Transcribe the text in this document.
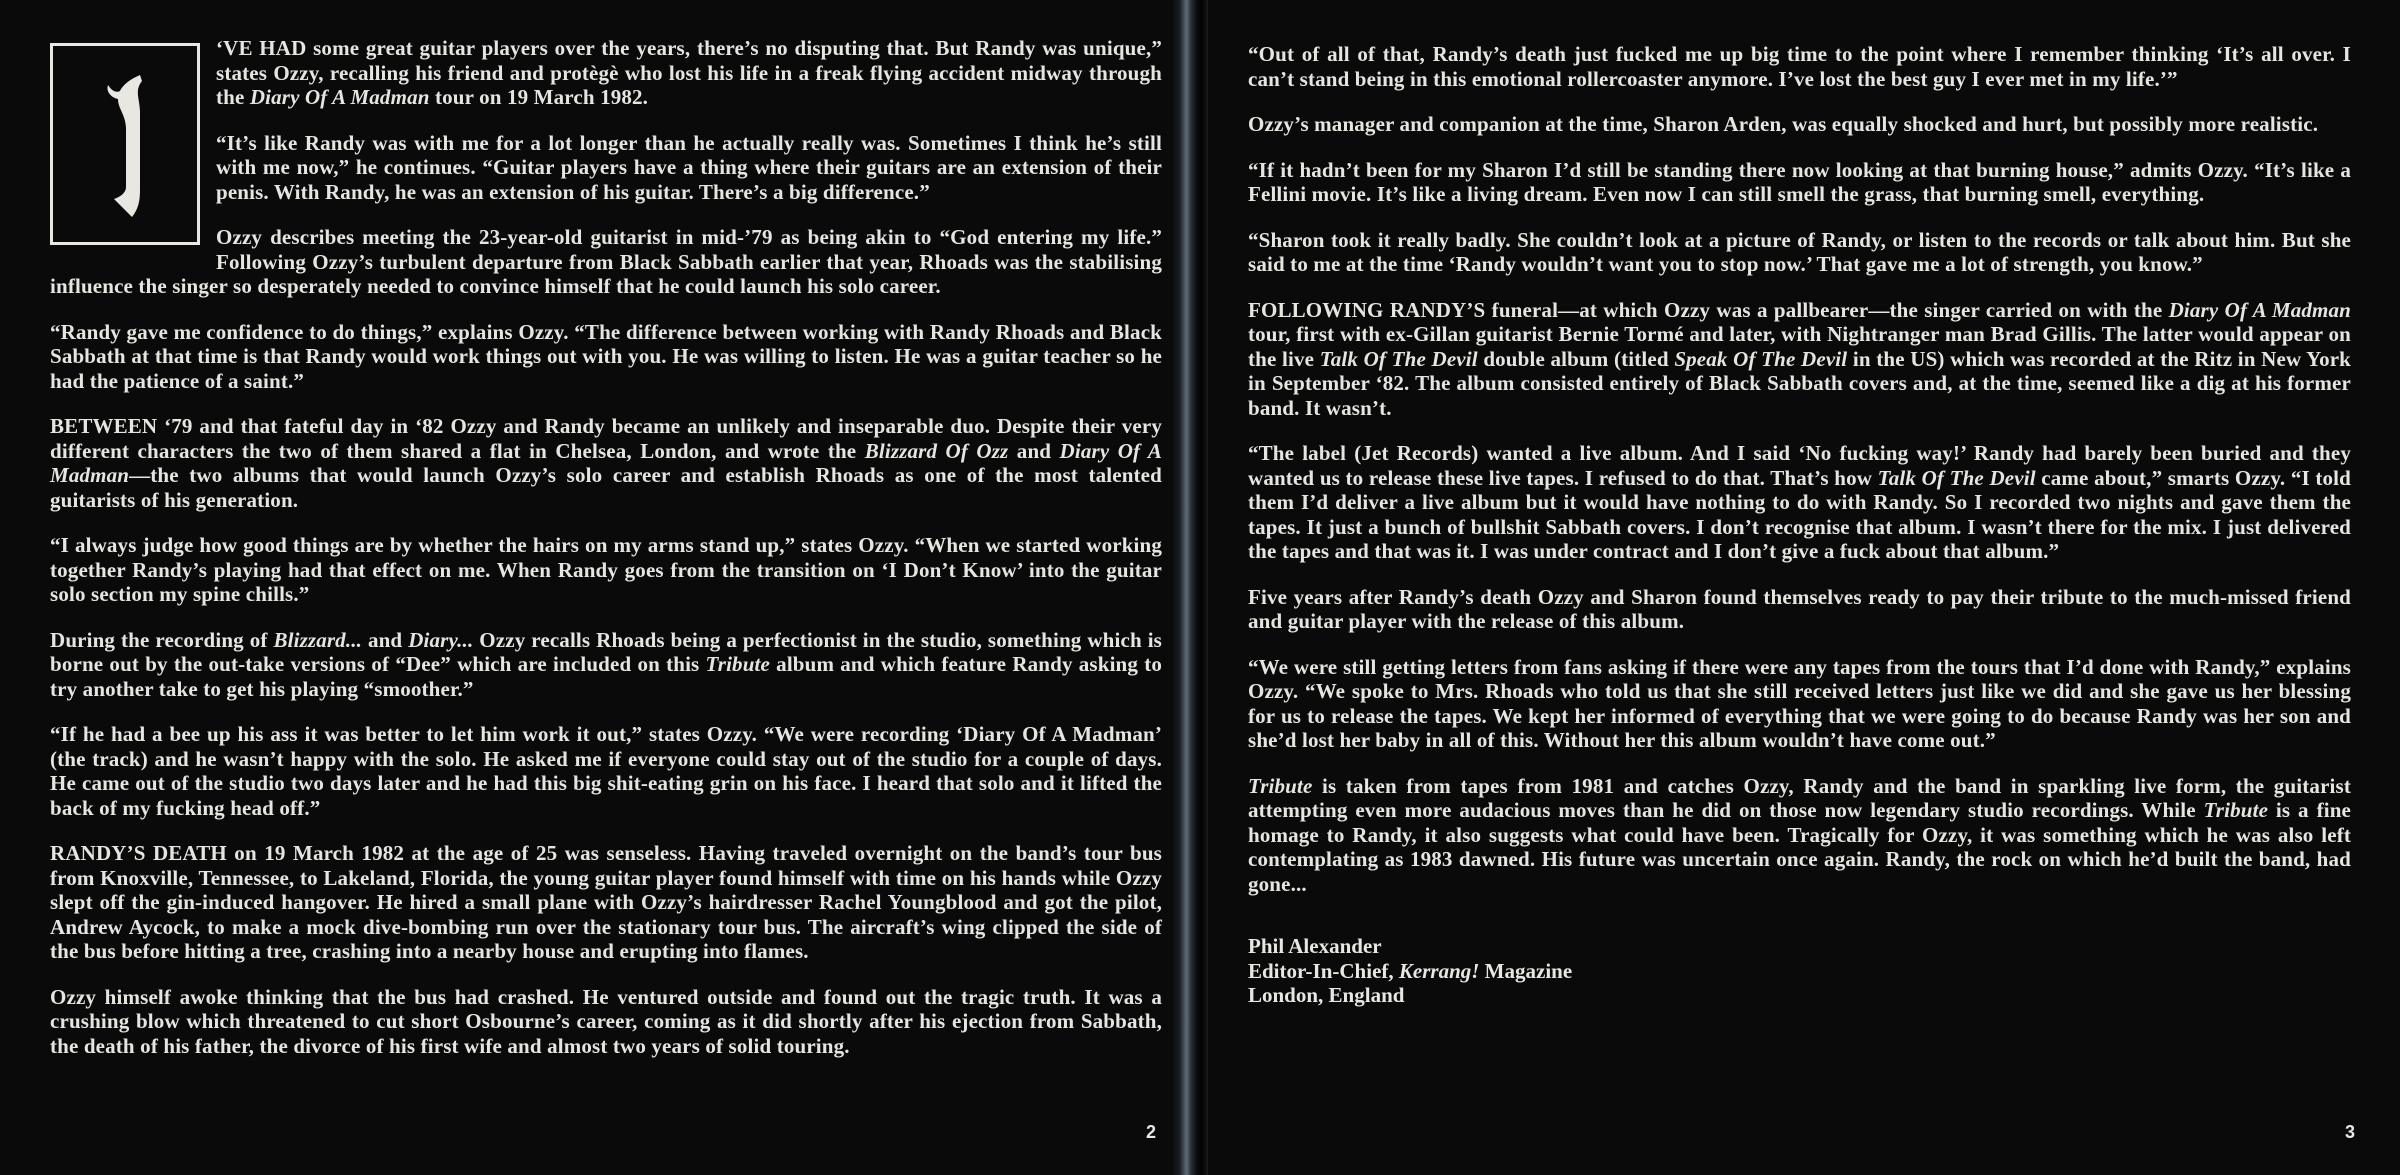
‘VE HAD some great guitar players over the years, there’s no disputing that. But Randy was unique,” states Ozzy, recalling his friend and protègè who lost his life in a freak flying accident midway through the Diary Of A Madman tour on 19 March 1982.

“It’s like Randy was with me for a lot longer than he actually really was. Sometimes I think he’s still with me now,” he continues. “Guitar players have a thing where their guitars are an extension of their penis. With Randy, he was an extension of his guitar. There’s a big difference.”

Ozzy describes meeting the 23-year-old guitarist in mid-’79 as being akin to “God entering my life.” Following Ozzy’s turbulent departure from Black Sabbath earlier that year, Rhoads was the stabilising influence the singer so desperately needed to convince himself that he could launch his solo career.

“Randy gave me confidence to do things,” explains Ozzy. “The difference between working with Randy Rhoads and Black Sabbath at that time is that Randy would work things out with you. He was willing to listen. He was a guitar teacher so he had the patience of a saint.”

BETWEEN ‘79 and that fateful day in ‘82 Ozzy and Randy became an unlikely and inseparable duo. Despite their very different characters the two of them shared a flat in Chelsea, London, and wrote the Blizzard Of Ozz and Diary Of A Madman—the two albums that would launch Ozzy’s solo career and establish Rhoads as one of the most talented guitarists of his generation.

“I always judge how good things are by whether the hairs on my arms stand up,” states Ozzy. “When we started working together Randy’s playing had that effect on me. When Randy goes from the transition on ‘I Don’t Know’ into the guitar solo section my spine chills.”

During the recording of Blizzard... and Diary... Ozzy recalls Rhoads being a perfectionist in the studio, something which is borne out by the out-take versions of “Dee” which are included on this Tribute album and which feature Randy asking to try another take to get his playing “smoother.”

“If he had a bee up his ass it was better to let him work it out,” states Ozzy. “We were recording ‘Diary Of A Madman’ (the track) and he wasn’t happy with the solo. He asked me if everyone could stay out of the studio for a couple of days. He came out of the studio two days later and he had this big shit-eating grin on his face. I heard that solo and it lifted the back of my fucking head off.”

RANDY’S DEATH on 19 March 1982 at the age of 25 was senseless. Having traveled overnight on the band’s tour bus from Knoxville, Tennessee, to Lakeland, Florida, the young guitar player found himself with time on his hands while Ozzy slept off the gin-induced hangover. He hired a small plane with Ozzy’s hairdresser Rachel Youngblood and got the pilot, Andrew Aycock, to make a mock dive-bombing run over the stationary tour bus. The aircraft’s wing clipped the side of the bus before hitting a tree, crashing into a nearby house and erupting into flames.

Ozzy himself awoke thinking that the bus had crashed. He ventured outside and found out the tragic truth. It was a crushing blow which threatened to cut short Osbourne’s career, coming as it did shortly after his ejection from Sabbath, the death of his father, the divorce of his first wife and almost two years of solid touring.

2

“Out of all of that, Randy’s death just fucked me up big time to the point where I remember thinking ‘It’s all over. I can’t stand being in this emotional rollercoaster anymore. I’ve lost the best guy I ever met in my life.’”

Ozzy’s manager and companion at the time, Sharon Arden, was equally shocked and hurt, but possibly more realistic.

“If it hadn’t been for my Sharon I’d still be standing there now looking at that burning house,” admits Ozzy. “It’s like a Fellini movie. It’s like a living dream. Even now I can still smell the grass, that burning smell, everything.

“Sharon took it really badly. She couldn’t look at a picture of Randy, or listen to the records or talk about him. But she said to me at the time ‘Randy wouldn’t want you to stop now.’ That gave me a lot of strength, you know.”

FOLLOWING RANDY’S funeral—at which Ozzy was a pallbearer—the singer carried on with the Diary Of A Madman tour, first with ex-Gillan guitarist Bernie Tormé and later, with Nightranger man Brad Gillis. The latter would appear on the live Talk Of The Devil double album (titled Speak Of The Devil in the US) which was recorded at the Ritz in New York in September ‘82. The album consisted entirely of Black Sabbath covers and, at the time, seemed like a dig at his former band. It wasn’t.

“The label (Jet Records) wanted a live album. And I said ‘No fucking way!’ Randy had barely been buried and they wanted us to release these live tapes. I refused to do that. That’s how Talk Of The Devil came about,” smarts Ozzy. “I told them I’d deliver a live album but it would have nothing to do with Randy. So I recorded two nights and gave them the tapes. It just a bunch of bullshit Sabbath covers. I don’t recognise that album. I wasn’t there for the mix. I just delivered the tapes and that was it. I was under contract and I don’t give a fuck about that album.”

Five years after Randy’s death Ozzy and Sharon found themselves ready to pay their tribute to the much-missed friend and guitar player with the release of this album.

“We were still getting letters from fans asking if there were any tapes from the tours that I’d done with Randy,” explains Ozzy. “We spoke to Mrs. Rhoads who told us that she still received letters just like we did and she gave us her blessing for us to release the tapes. We kept her informed of everything that we were going to do because Randy was her son and she’d lost her baby in all of this. Without her this album wouldn’t have come out.”

Tribute is taken from tapes from 1981 and catches Ozzy, Randy and the band in sparkling live form, the guitarist attempting even more audacious moves than he did on those now legendary studio recordings. While Tribute is a fine homage to Randy, it also suggests what could have been. Tragically for Ozzy, it was something which he was also left contemplating as 1983 dawned. His future was uncertain once again. Randy, the rock on which he’d built the band, had gone...

Phil Alexander
Editor-In-Chief, Kerrang! Magazine
London, England
3
